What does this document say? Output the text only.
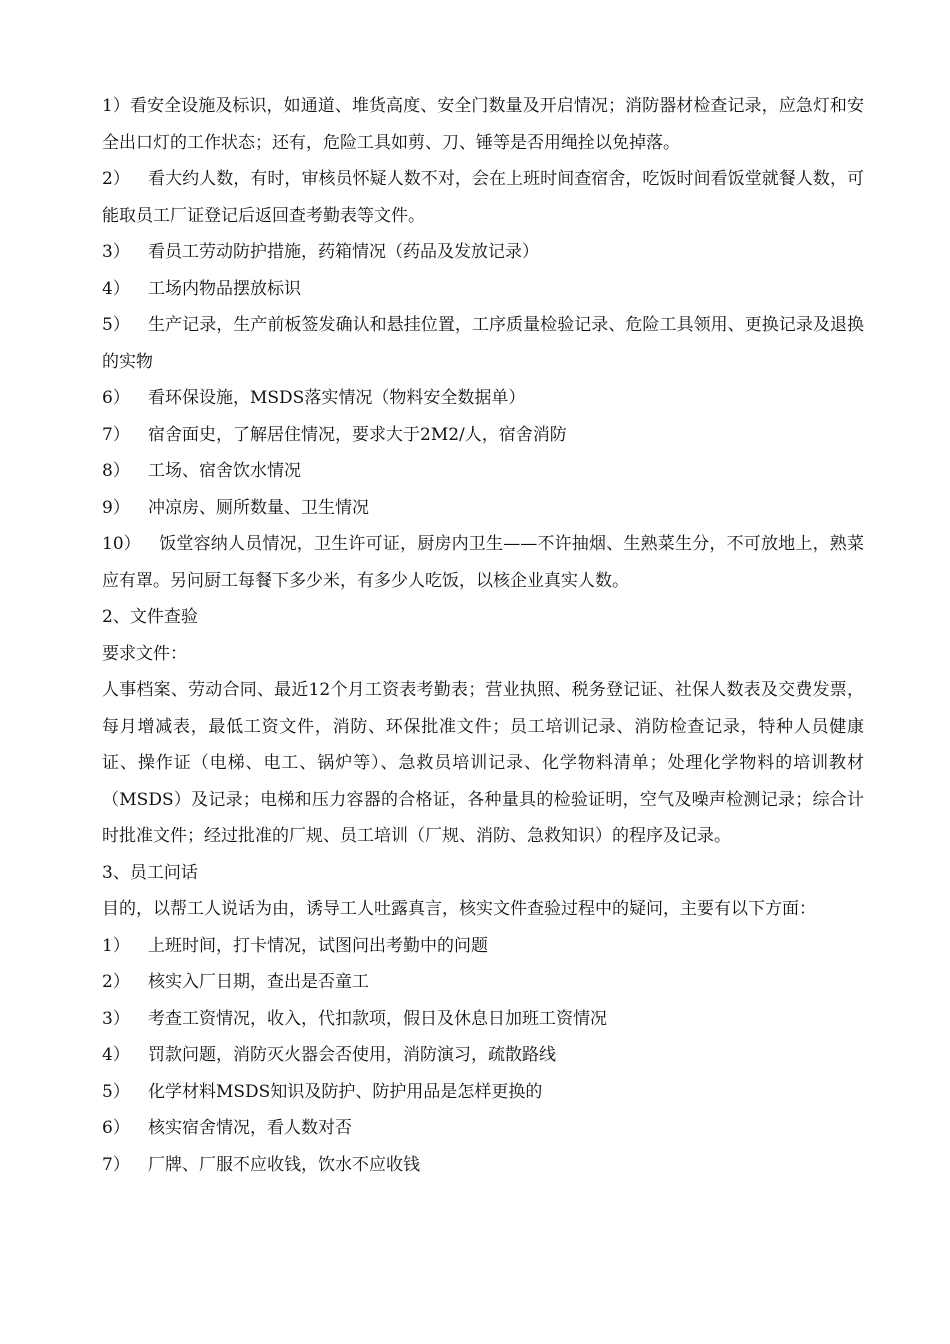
1）看安全设施及标识，如通道、堆货高度、安全门数量及开启情况；消防器材检查记录，应急灯和安全出口灯的工作状态；还有，危险工具如剪、刀、锤等是否用绳拴以免掉落。
2） 看大约人数，有时，审核员怀疑人数不对，会在上班时间查宿舍，吃饭时间看饭堂就餐人数，可能取员工厂证登记后返回查考勤表等文件。
3） 看员工劳动防护措施，药箱情况（药品及发放记录）
4） 工场内物品摆放标识
5） 生产记录，生产前板签发确认和悬挂位置，工序质量检验记录、危险工具领用、更换记录及退换的实物
6） 看环保设施，MSDS落实情况（物料安全数据单）
7） 宿舍面史，了解居住情况，要求大于2M2/人，宿舍消防
8） 工场、宿舍饮水情况
9） 冲凉房、厕所数量、卫生情况
10） 饭堂容纳人员情况，卫生许可证，厨房内卫生——不许抽烟、生熟菜生分，不可放地上，熟菜应有罩。另问厨工每餐下多少米，有多少人吃饭，以核企业真实人数。

2、文件查验

要求文件：

人事档案、劳动合同、最近12个月工资表考勤表；营业执照、税务登记证、社保人数表及交费发票，每月增减表，最低工资文件，消防、环保批准文件；员工培训记录、消防检查记录，特种人员健康证、操作证（电梯、电工、锅炉等）、急救员培训记录、化学物料清单；处理化学物料的培训教材（MSDS）及记录；电梯和压力容器的合格证，各种量具的检验证明，空气及噪声检测记录；综合计时批准文件；经过批准的厂规、员工培训（厂规、消防、急救知识）的程序及记录。

3、员工问话

目的，以帮工人说话为由，诱导工人吐露真言，核实文件查验过程中的疑问，主要有以下方面：

1） 上班时间，打卡情况，试图问出考勤中的问题
2） 核实入厂日期，查出是否童工
3） 考查工资情况，收入，代扣款项，假日及休息日加班工资情况
4） 罚款问题，消防灭火器会否使用，消防演习，疏散路线
5） 化学材料MSDS知识及防护、防护用品是怎样更换的
6） 核实宿舍情况，看人数对否
7） 厂牌、厂服不应收钱，饮水不应收钱
